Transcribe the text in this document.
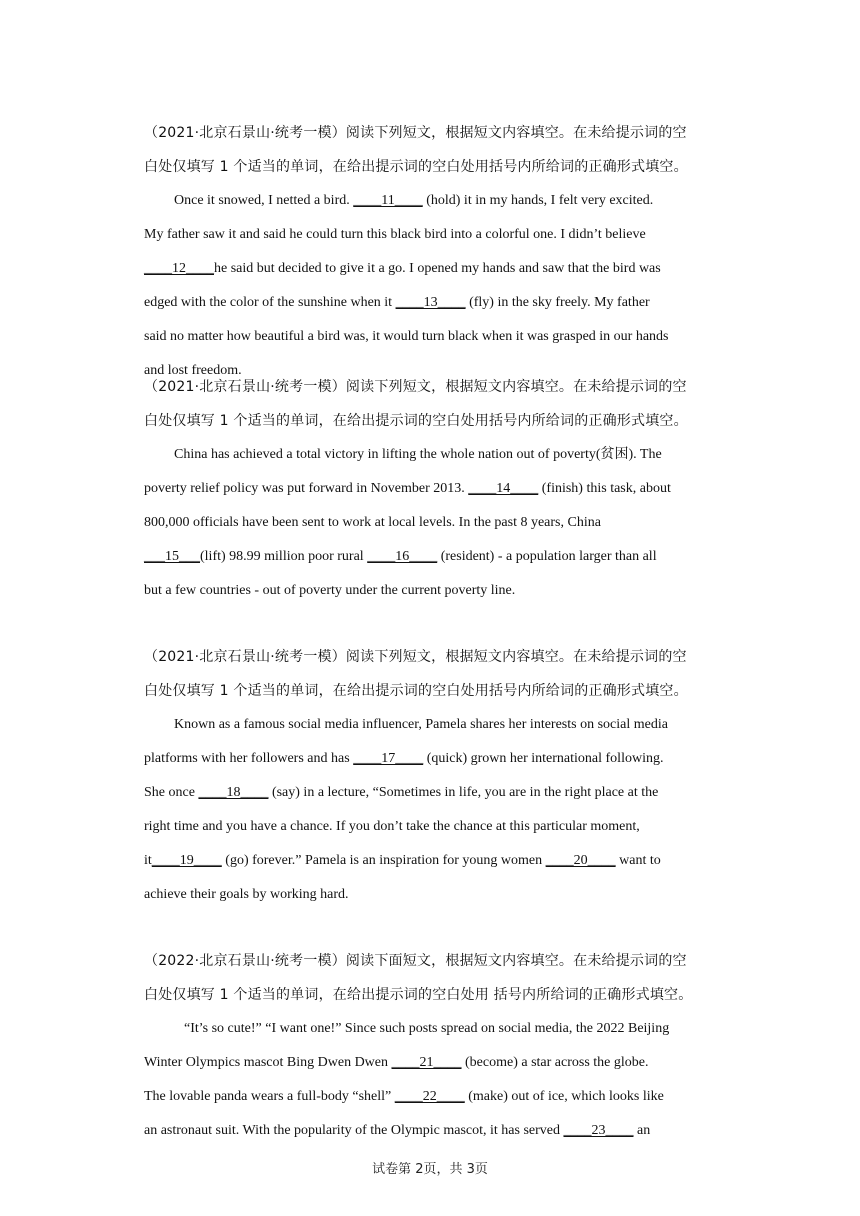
（2021·北京石景山·统考一模）阅读下列短文，根据短文内容填空。在未给提示词的空
白处仅填写 1 个适当的单词，在给出提示词的空白处用括号内所给词的正确形式填空。
Once it snowed, I netted a bird. ____11____ (hold) it in my hands, I felt very excited.
My father saw it and said he could turn this black bird into a colorful one. I didn’t believe
____12____he said but decided to give it a go. I opened my hands and saw that the bird was
edged with the color of the sunshine when it ____13____ (fly) in the sky freely. My father
said no matter how beautiful a bird was, it would turn black when it was grasped in our hands
and lost freedom.
（2021·北京石景山·统考一模）阅读下列短文，根据短文内容填空。在未给提示词的空
白处仅填写 1 个适当的单词，在给出提示词的空白处用括号内所给词的正确形式填空。
China has achieved a total victory in lifting the whole nation out of poverty(贫困). The
poverty relief policy was put forward in November 2013. ____14____ (finish) this task, about
800,000 officials have been sent to work at local levels. In the past 8 years, China
___15___(lift) 98.99 million poor rural ____16____ (resident) - a population larger than all
but a few countries - out of poverty under the current poverty line.
（2021·北京石景山·统考一模）阅读下列短文，根据短文内容填空。在未给提示词的空
白处仅填写 1 个适当的单词，在给出提示词的空白处用括号内所给词的正确形式填空。
Known as a famous social media influencer, Pamela shares her interests on social media
platforms with her followers and has ____17____ (quick) grown her international following.
She once ____18____ (say) in a lecture, “Sometimes in life, you are in the right place at the
right time and you have a chance. If you don’t take the chance at this particular moment,
it____19____ (go) forever.” Pamela is an inspiration for young women ____20____ want to
achieve their goals by working hard.
（2022·北京石景山·统考一模）阅读下面短文，根据短文内容填空。在未给提示词的空
白处仅填写 1 个适当的单词，在给出提示词的空白处用 括号内所给词的正确形式填空。
“It’s so cute!” “I want one!” Since such posts spread on social media, the 2022 Beijing
Winter Olympics mascot Bing Dwen Dwen ____21____ (become) a star across the globe.
The lovable panda wears a full-body “shell” ____22____ (make) out of ice, which looks like
an astronaut suit. With the popularity of the Olympic mascot, it has served ____23____ an
试卷第 2页，共 3页
